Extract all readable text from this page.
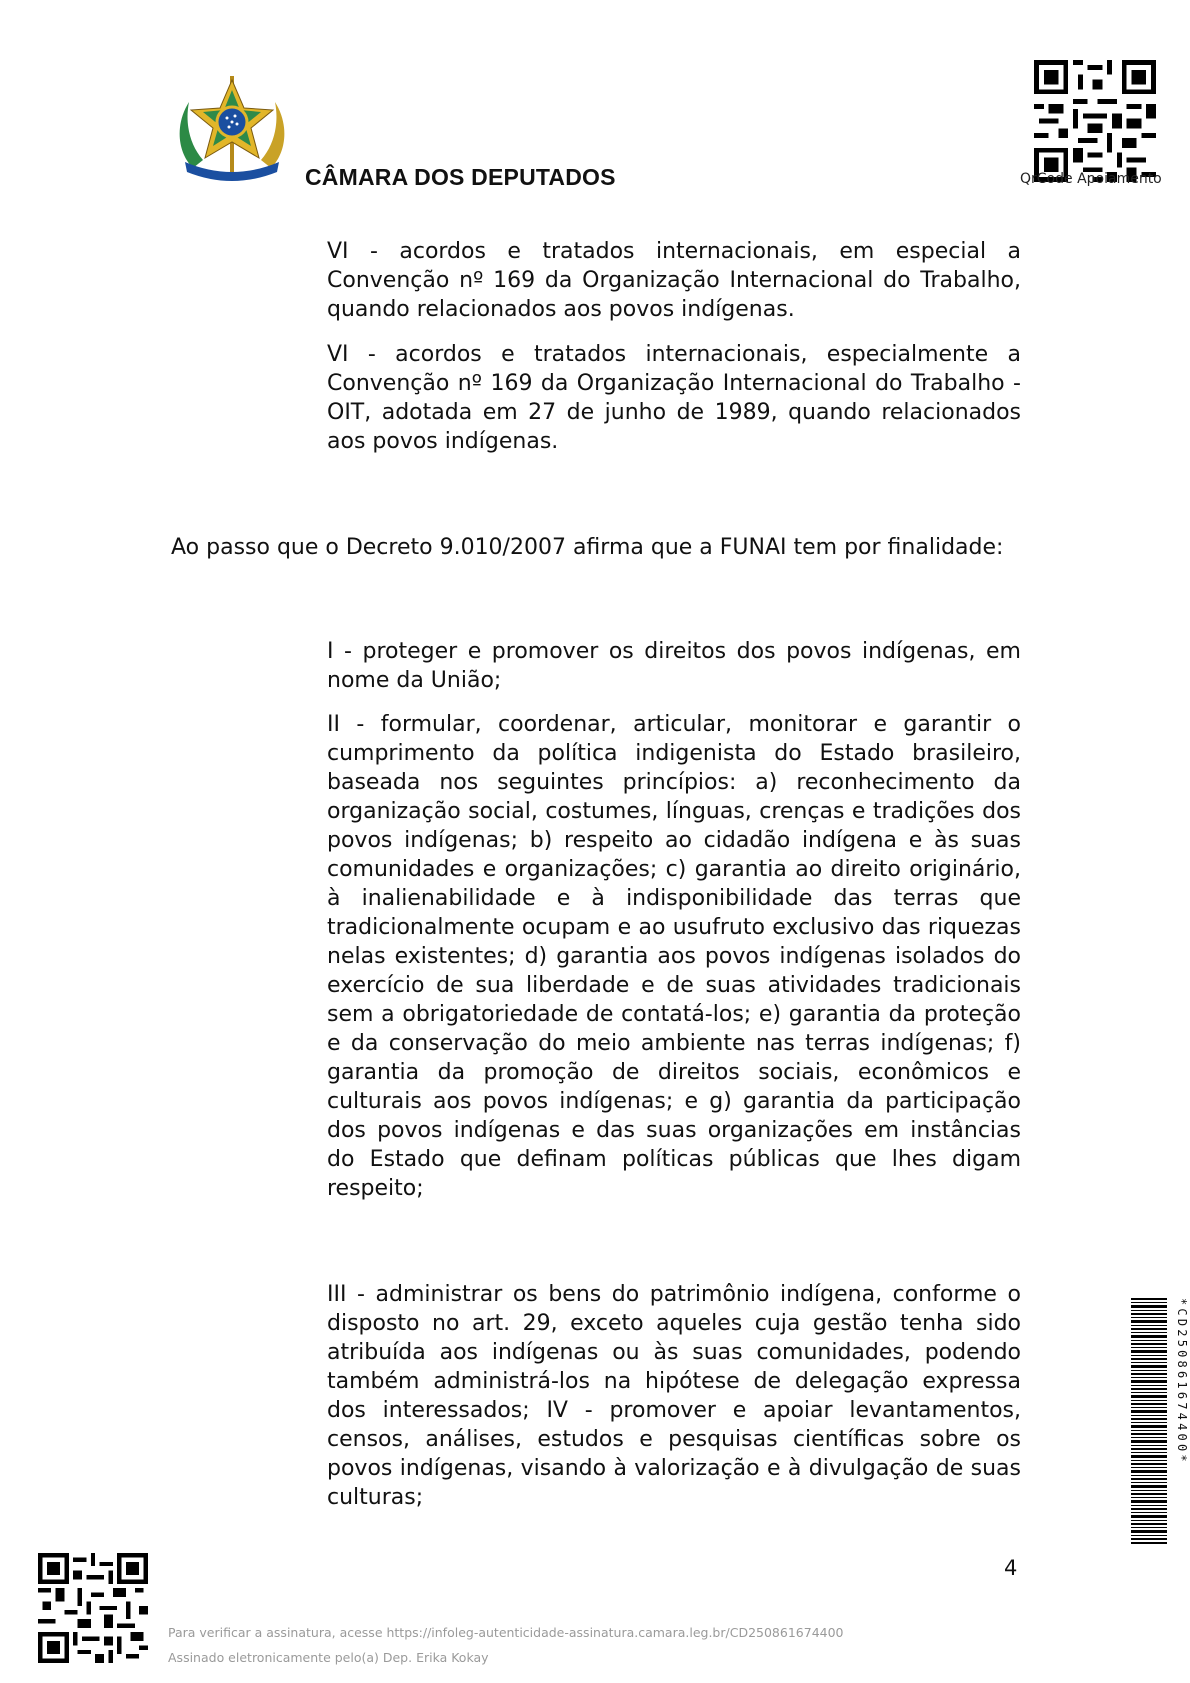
CÂMARA DOS DEPUTADOS	QrCode Apoiamento
VI - acordos e tratados internacionais, em especial a Convenção nº 169 da Organização Internacional do Trabalho, quando relacionados aos povos indígenas.
VI - acordos e tratados internacionais, especialmente a Convenção nº 169 da Organização Internacional do Trabalho - OIT, adotada em 27 de junho de 1989, quando relacionados aos povos indígenas.
Ao passo que o Decreto 9.010/2007 afirma que a FUNAI tem por finalidade:
I - proteger e promover os direitos dos povos indígenas, em nome da União;
II - formular, coordenar, articular, monitorar e garantir o cumprimento da política indigenista do Estado brasileiro, baseada nos seguintes princípios: a) reconhecimento da organização social, costumes, línguas, crenças e tradições dos povos indígenas; b) respeito ao cidadão indígena e às suas comunidades e organizações; c) garantia ao direito originário, à inalienabilidade e à indisponibilidade das terras que tradicionalmente ocupam e ao usufruto exclusivo das riquezas nelas existentes; d) garantia aos povos indígenas isolados do exercício de sua liberdade e de suas atividades tradicionais sem a obrigatoriedade de contatá-los; e) garantia da proteção e da conservação do meio ambiente nas terras indígenas; f) garantia da promoção de direitos sociais, econômicos e culturais aos povos indígenas; e g) garantia da participação dos povos indígenas e das suas organizações em instâncias do Estado que definam políticas públicas que lhes digam respeito;
III - administrar os bens do patrimônio indígena, conforme o disposto no art. 29, exceto aqueles cuja gestão tenha sido atribuída aos indígenas ou às suas comunidades, podendo também administrá-los na hipótese de delegação expressa dos interessados; IV - promover e apoiar levantamentos, censos, análises, estudos e pesquisas científicas sobre os povos indígenas, visando à valorização e à divulgação de suas culturas;
4
*CD250861674400*
Para verificar a assinatura, acesse https://infoleg-autenticidade-assinatura.camara.leg.br/CD250861674400
Assinado eletronicamente pelo(a) Dep. Erika Kokay
